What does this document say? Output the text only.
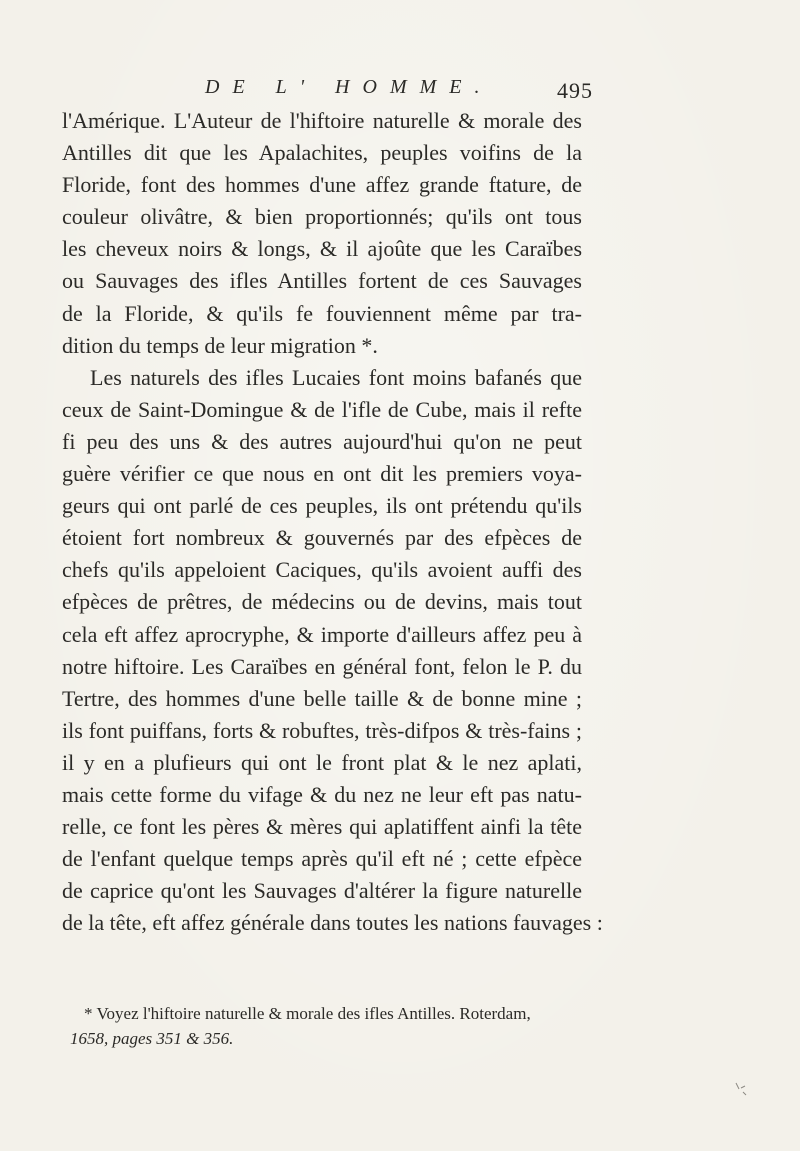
DE L' HOMME.	495
l'Amérique. L'Auteur de l'hiftoire naturelle & morale des
Antilles dit que les Apalachites, peuples voifins de la
Floride, font des hommes d'une affez grande ftature, de
couleur olivâtre, & bien proportionnés; qu'ils ont tous
les cheveux noirs & longs, & il ajoûte que les Caraïbes
ou Sauvages des ifles Antilles fortent de ces Sauvages
de la Floride, & qu'ils fe fouviennent même par tra-
dition du temps de leur migration *.
Les naturels des ifles Lucaies font moins bafanés que
ceux de Saint-Domingue & de l'ifle de Cube, mais il refte
fi peu des uns & des autres aujourd'hui qu'on ne peut
guère vérifier ce que nous en ont dit les premiers voya-
geurs qui ont parlé de ces peuples, ils ont prétendu qu'ils
étoient fort nombreux & gouvernés par des efpèces de
chefs qu'ils appeloient Caciques, qu'ils avoient auffi des
efpèces de prêtres, de médecins ou de devins, mais tout
cela eft affez aprocryphe, & importe d'ailleurs affez peu à
notre hiftoire. Les Caraïbes en général font, felon le P. du
Tertre, des hommes d'une belle taille & de bonne mine ;
ils font puiffans, forts & robuftes, très-difpos & très-fains ;
il y en a plufieurs qui ont le front plat & le nez aplati,
mais cette forme du vifage & du nez ne leur eft pas natu-
relle, ce font les pères & mères qui aplatiffent ainfi la tête
de l'enfant quelque temps après qu'il eft né ; cette efpèce
de caprice qu'ont les Sauvages d'altérer la figure naturelle
de la tête, eft affez générale dans toutes les nations fauvages :
* Voyez l'hiftoire naturelle & morale des ifles Antilles. Roterdam,
1658, pages 351 & 356.
